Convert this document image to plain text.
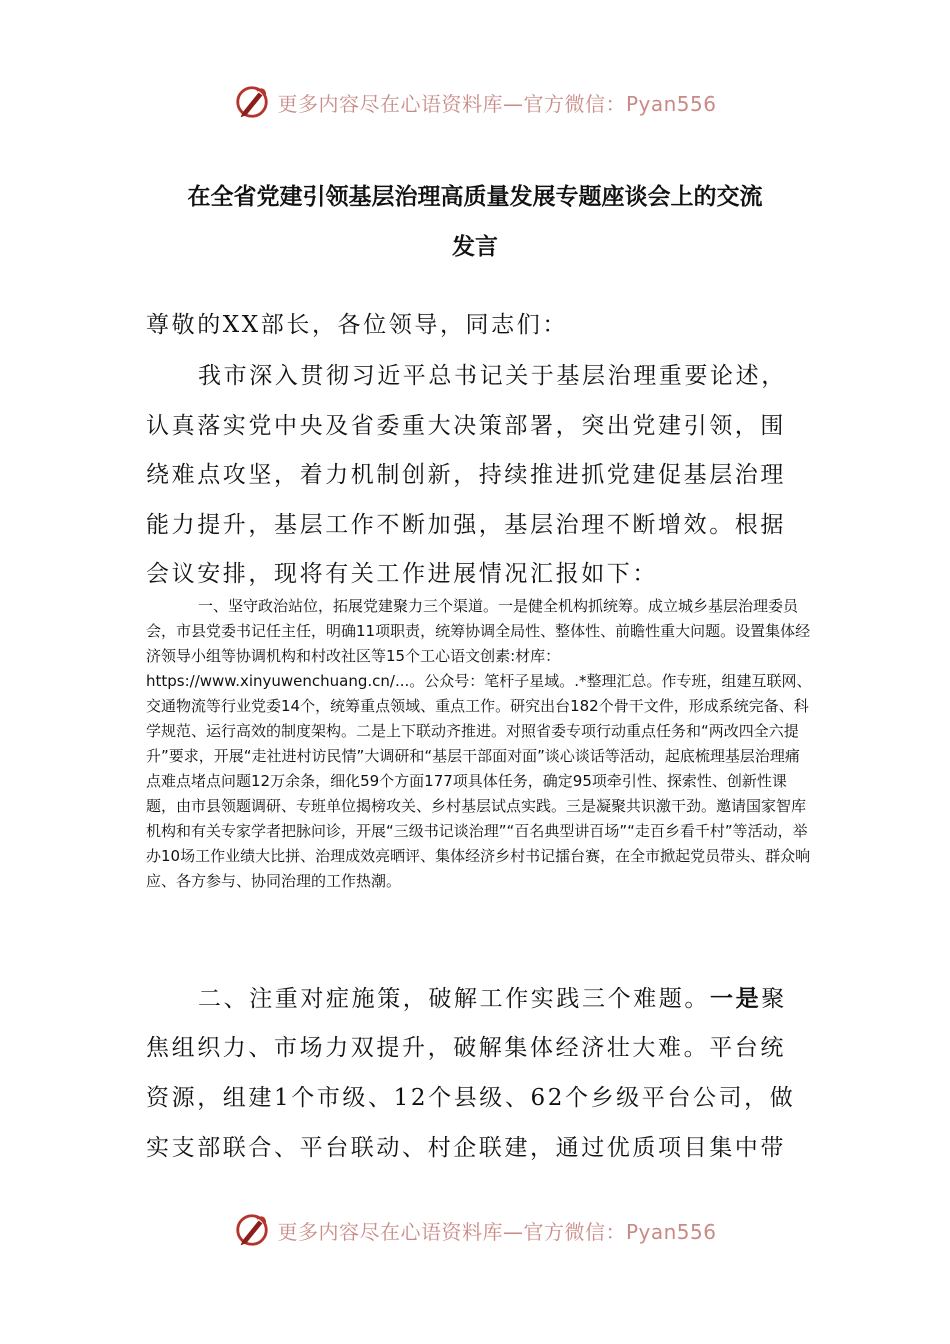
更多内容尽在心语资料库—官方微信：Pyan556
在全省党建引领基层治理高质量发展专题座谈会上的交流
发言
尊敬的XX部长，各位领导，同志们：
我市深入贯彻习近平总书记关于基层治理重要论述，
认真落实党中央及省委重大决策部署，突出党建引领，围
绕难点攻坚，着力机制创新，持续推进抓党建促基层治理
能力提升，基层工作不断加强，基层治理不断增效。根据
会议安排，现将有关工作进展情况汇报如下：
一、坚守政治站位，拓展党建聚力三个渠道。一是健全机构抓统筹。成立城乡基层治理委员会，市县党委书记任主任，明确11项职责，统筹协调全局性、整体性、前瞻性重大问题。设置集体经济领导小组等协调机构和村改社区等15个工心语文创素:材库：https://www.xinyuwenchuang.cn/...。公众号：笔杆子星域。.*整理汇总。作专班，组建互联网、交通物流等行业党委14个，统筹重点领域、重点工作。研究出台182个骨干文件，形成系统完备、科学规范、运行高效的制度架构。二是上下联动齐推进。对照省委专项行动重点任务和“两改四全六提升”要求，开展“走社进村访民情”大调研和“基层干部面对面”谈心谈话等活动，起底梳理基层治理痛点难点堵点问题12万余条，细化59个方面177项具体任务，确定95项牵引性、探索性、创新性课题，由市县领题调研、专班单位揭榜攻关、乡村基层试点实践。三是凝聚共识激干劲。邀请国家智库机构和有关专家学者把脉问诊，开展“三级书记谈治理”“百名典型讲百场”“走百乡看千村”等活动，举办10场工作业绩大比拼、治理成效亮晒评、集体经济乡村书记擂台赛，在全市掀起党员带头、群众响应、各方参与、协同治理的工作热潮。
二、注重对症施策，破解工作实践三个难题。一是聚
焦组织力、市场力双提升，破解集体经济壮大难。平台统
资源，组建1个市级、12个县级、62个乡级平台公司，做
实支部联合、平台联动、村企联建，通过优质项目集中带
更多内容尽在心语资料库—官方微信：Pyan556
